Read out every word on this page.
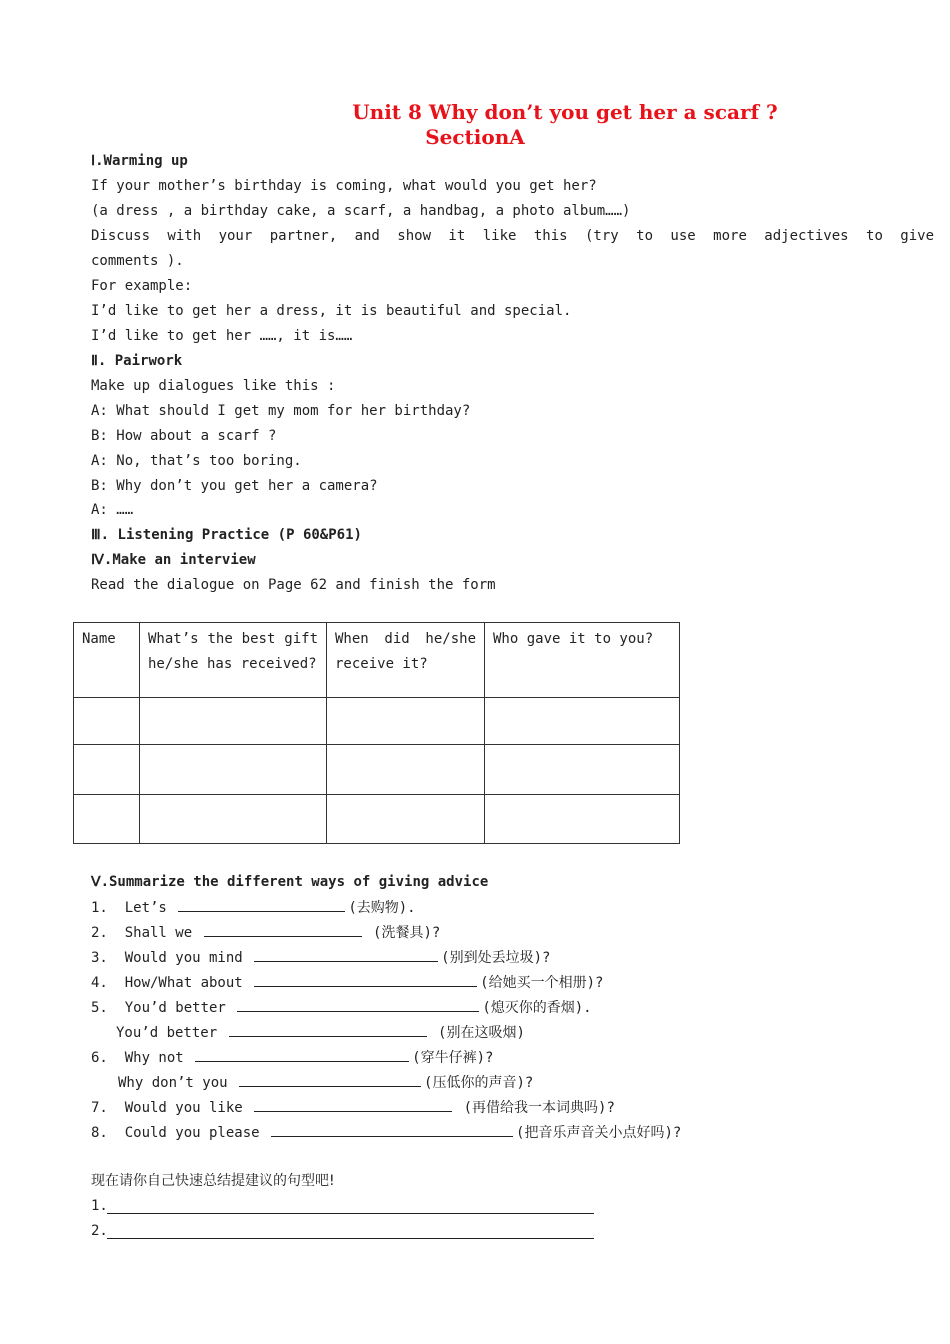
Unit 8 Why don’t you get her a scarf ?
SectionA
Ⅰ.Warming up
If your mother’s birthday is coming, what would you get her?
(a dress , a birthday cake, a scarf, a handbag, a photo album……)
Discuss with your partner, and show it like this (try to use more adjectives to give
comments ).
For example:
I’d like to get her a dress, it is beautiful and special.
I’d like to get her ……, it is……
Ⅱ. Pairwork
Make up dialogues like this :
A: What should I get my mom for her birthday?
B: How about a scarf ?
A: No, that’s too boring.
B: Why don’t you get her a camera?
A: ……
Ⅲ. Listening Practice (P 60&P61)
Ⅳ.Make an interview
Read the dialogue on Page 62 and finish the form
Name	What’s the best gift he/she has received?	When did he/she receive it?	Who gave it to you?

Ⅴ.Summarize the different ways of giving advice
1. Let’s	(去购物).
2. Shall we	(洗餐具)?
3. Would you mind	(别到处丢垃圾)?
4. How/What about	(给她买一个相册)?
5. You’d better	(熄灭你的香烟).
You’d better	(别在这吸烟)
6. Why not	(穿牛仔裤)?
Why don’t you	(压低你的声音)?
7. Would you like	(再借给我一本词典吗)?
8. Could you please	(把音乐声音关小点好吗)?
现在请你自己快速总结提建议的句型吧!
1.
2.
